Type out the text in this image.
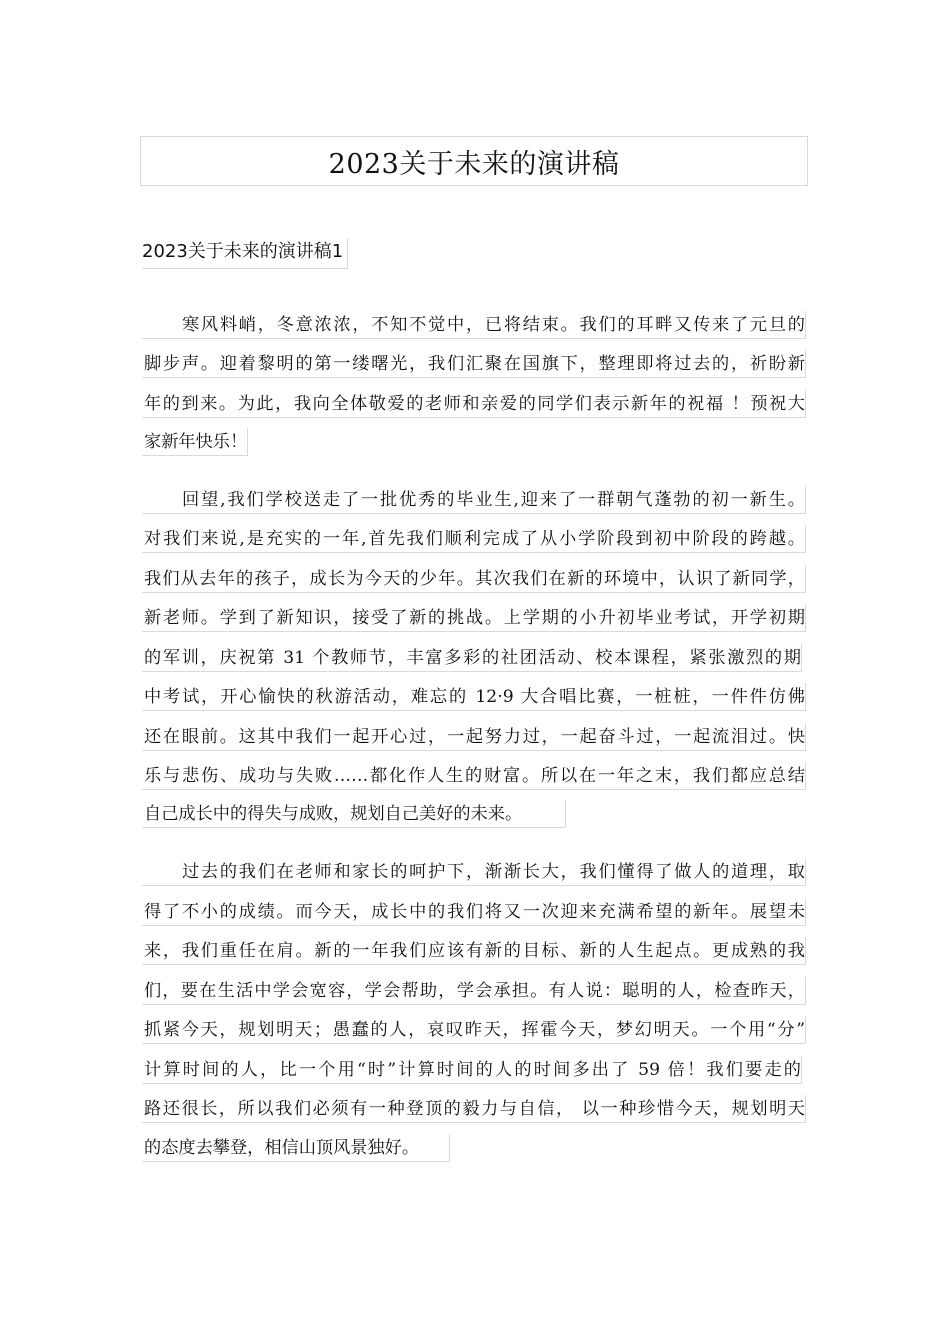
2023关于未来的演讲稿
2023关于未来的演讲稿1
寒风料峭，冬意浓浓，不知不觉中，已将结束。我们的耳畔又传来了元旦的
脚步声。迎着黎明的第一缕曙光，我们汇聚在国旗下，整理即将过去的，祈盼新
年的到来。为此，我向全体敬爱的老师和亲爱的同学们表示新年的祝福 ！预祝大
家新年快乐！
回望,我们学校送走了一批优秀的毕业生,迎来了一群朝气蓬勃的初一新生。
对我们来说,是充实的一年,首先我们顺利完成了从小学阶段到初中阶段的跨越。
我们从去年的孩子，成长为今天的少年。其次我们在新的环境中，认识了新同学，
新老师。学到了新知识，接受了新的挑战。上学期的小升初毕业考试，开学初期
的军训，庆祝第 31 个教师节，丰富多彩的社团活动、校本课程，紧张激烈的期
中考试，开心愉快的秋游活动，难忘的 12·9 大合唱比赛，一桩桩，一件件仿佛
还在眼前。这其中我们一起开心过，一起努力过，一起奋斗过，一起流泪过。快
乐与悲伤、成功与失败……都化作人生的财富。所以在一年之末，我们都应总结
自己成长中的得失与成败，规划自己美好的未来。
过去的我们在老师和家长的呵护下，渐渐长大，我们懂得了做人的道理，取
得了不小的成绩。而今天，成长中的我们将又一次迎来充满希望的新年。展望未
来，我们重任在肩。新的一年我们应该有新的目标、新的人生起点。更成熟的我
们，要在生活中学会宽容，学会帮助，学会承担。有人说：聪明的人，检查昨天，
抓紧今天，规划明天；愚蠢的人，哀叹昨天，挥霍今天，梦幻明天。一个用“分”
计算时间的人，比一个用“时”计算时间的人的时间多出了 59 倍！我们要走的
路还很长，所以我们必须有一种登顶的毅力与自信， 以一种珍惜今天，规划明天
的态度去攀登，相信山顶风景独好。
